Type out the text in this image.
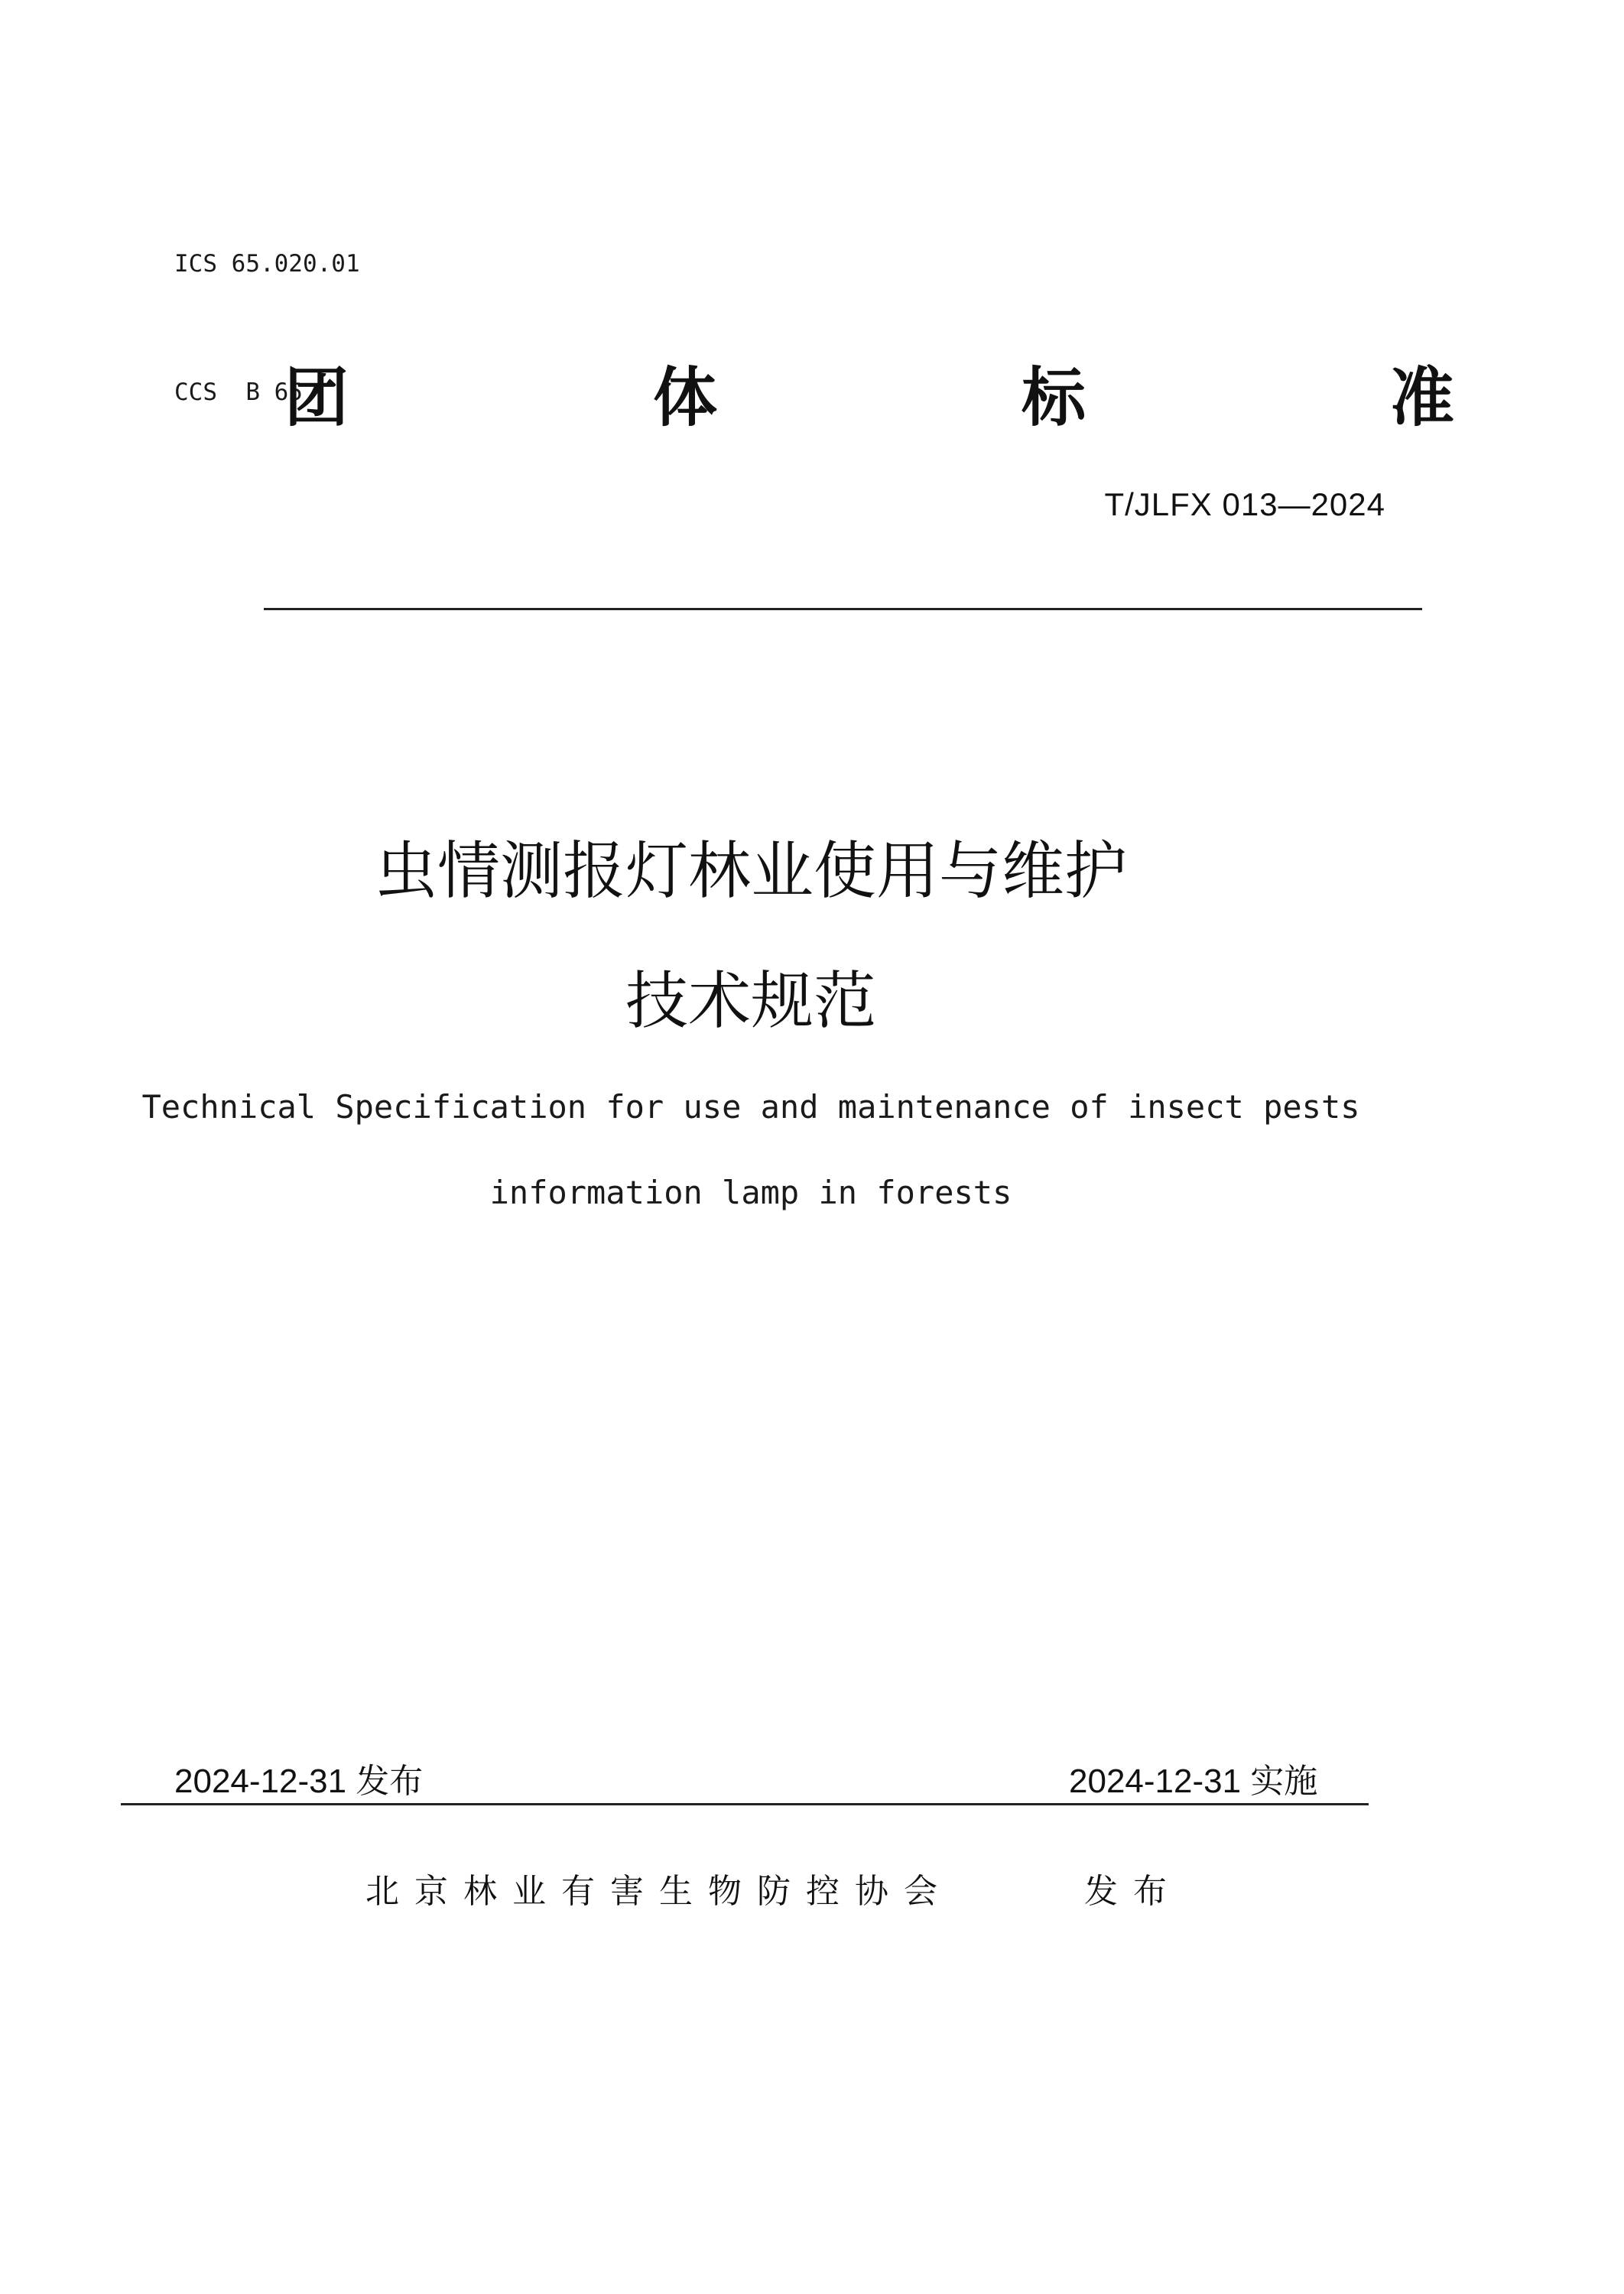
ICS 65.020.01

CCS  B 65

团	体	标	准
T/JLFX 013—2024
虫情测报灯林业使用与维护
技术规范
Technical Specification for use and maintenance of insect pests
information lamp in forests
2024-12-31 发布	2024-12-31 实施
北京林业有害生物防控协会	发布
